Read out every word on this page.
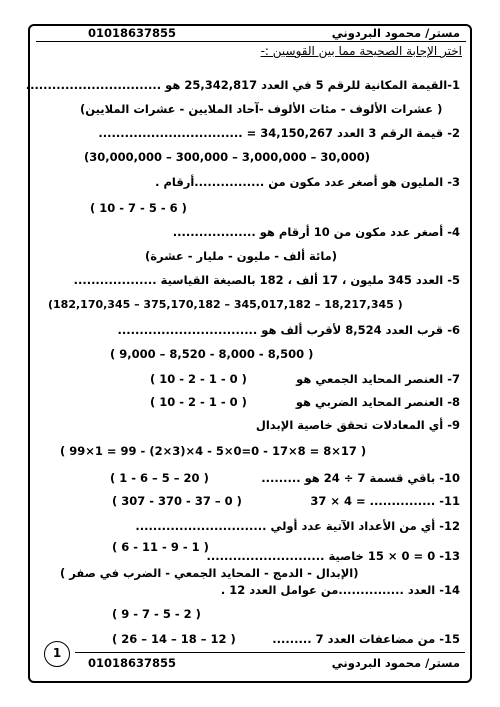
مستر/ محمود البردوني
01018637855
اختر الإجابة الصحيحة مما بين القوسين :-
1-القيمة المكانية للرقم 5 في العدد 25,342,817 هو ...............................
(عشرات الألوف - مئات الألوف -آحاد الملايين - عشرات الملايين )
2- قيمة الرقم 3 العدد 34,150,267 = .................................
(30,000,000 – 300,000 – 3,000,000 – 30,000)
3- المليون هو أصغر عدد مكون من ................أرقام .
( 10 - 7 - 5 - 6 )
4- أصغر عدد مكون من 10 أرقام هو ...................
(مائة ألف - مليون - مليار - عشرة)
5- العدد 345 مليون ، 17 ألف ، 182 بالصيغة القياسية ...................
(182,170,345 – 375,170,182 – 345,017,182 – 18,217,345 )
6- قرب العدد 8,524 لأقرب ألف هو ................................
( 9,000 – 8,520 - 8,000 - 8,500 )
7- العنصر المحايد الجمعي هو
( 10 - 2 - 1 - 0 )
8- العنصر المحايد الضربي هو
( 10 - 2 - 1 - 0 )
9- أي المعادلات تحقق خاصية الإبدال
( 99×1 = 99 - (2×3)×4 - 5×0=0 - 17×8 = 8×17 )
10- باقي قسمة 7 ÷ 24 هو .........
( 1 - 6 – 5 – 20 )
11- ............... = 4 × 37
( 307 - 370 - 37 – 0 )
12- أي من الأعداد الآتية عدد أولي ..............................
( 6 - 11 - 9 - 1 )
13- 0 = 0 × 15 خاصية ...........................
(الإبدال - الدمج - المحايد الجمعي - الضرب في صفر )
14- العدد ...............من عوامل العدد 12 .
( 9 - 7 - 5 - 2 )
15- من مضاعفات العدد 7 .........
( 26 – 14 – 18 – 12 )
1
مستر/ محمود البردوني
01018637855
